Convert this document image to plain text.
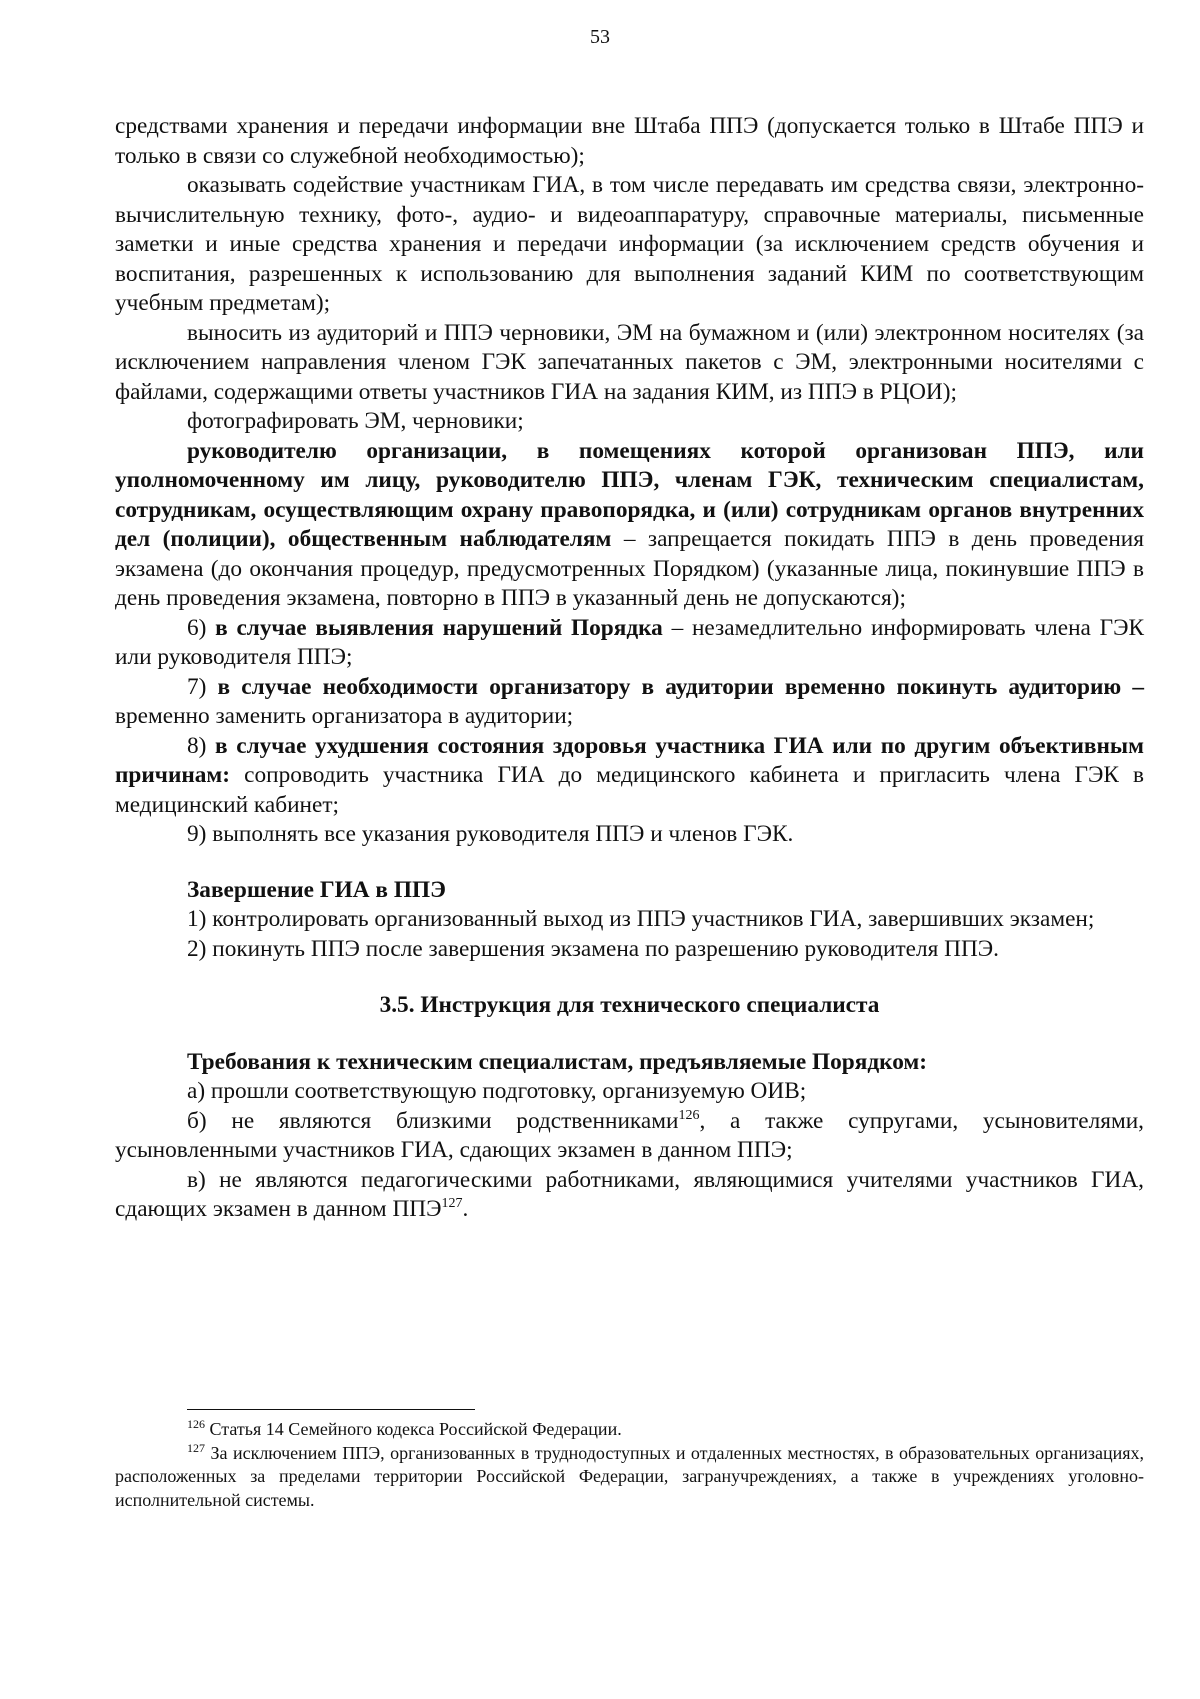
53

средствами хранения и передачи информации вне Штаба ППЭ (допускается только в Штабе ППЭ и только в связи со служебной необходимостью);

оказывать содействие участникам ГИА, в том числе передавать им средства связи, электронно-вычислительную технику, фото-, аудио- и видеоаппаратуру, справочные материалы, письменные заметки и иные средства хранения и передачи информации (за исключением средств обучения и воспитания, разрешенных к использованию для выполнения заданий КИМ по соответствующим учебным предметам);

выносить из аудиторий и ППЭ черновики, ЭМ на бумажном и (или) электронном носителях (за исключением направления членом ГЭК запечатанных пакетов с ЭМ, электронными носителями с файлами, содержащими ответы участников ГИА на задания КИМ, из ППЭ в РЦОИ);

фотографировать ЭМ, черновики;

руководителю организации, в помещениях которой организован ППЭ, или уполномоченному им лицу, руководителю ППЭ, членам ГЭК, техническим специалистам, сотрудникам, осуществляющим охрану правопорядка, и (или) сотрудникам органов внутренних дел (полиции), общественным наблюдателям – запрещается покидать ППЭ в день проведения экзамена (до окончания процедур, предусмотренных Порядком) (указанные лица, покинувшие ППЭ в день проведения экзамена, повторно в ППЭ в указанный день не допускаются);

6) в случае выявления нарушений Порядка – незамедлительно информировать члена ГЭК или руководителя ППЭ;

7) в случае необходимости организатору в аудитории временно покинуть аудиторию – временно заменить организатора в аудитории;

8) в случае ухудшения состояния здоровья участника ГИА или по другим объективным причинам: сопроводить участника ГИА до медицинского кабинета и пригласить члена ГЭК в медицинский кабинет;

9) выполнять все указания руководителя ППЭ и членов ГЭК.

Завершение ГИА в ППЭ

1) контролировать организованный выход из ППЭ участников ГИА, завершивших экзамен;

2) покинуть ППЭ после завершения экзамена по разрешению руководителя ППЭ.

3.5. Инструкция для технического специалиста

Требования к техническим специалистам, предъявляемые Порядком:

а) прошли соответствующую подготовку, организуемую ОИВ;

б) не являются близкими родственниками$^{126}$, а также супругами, усыновителями, усыновленными участников ГИА, сдающих экзамен в данном ППЭ;

в) не являются педагогическими работниками, являющимися учителями участников ГИА, сдающих экзамен в данном ППЭ$^{127}$.

$^{126}$ Статья 14 Семейного кодекса Российской Федерации.

$^{127}$ За исключением ППЭ, организованных в труднодоступных и отдаленных местностях, в образовательных организациях, расположенных за пределами территории Российской Федерации, загранучреждениях, а также в учреждениях уголовно-исполнительной системы.
